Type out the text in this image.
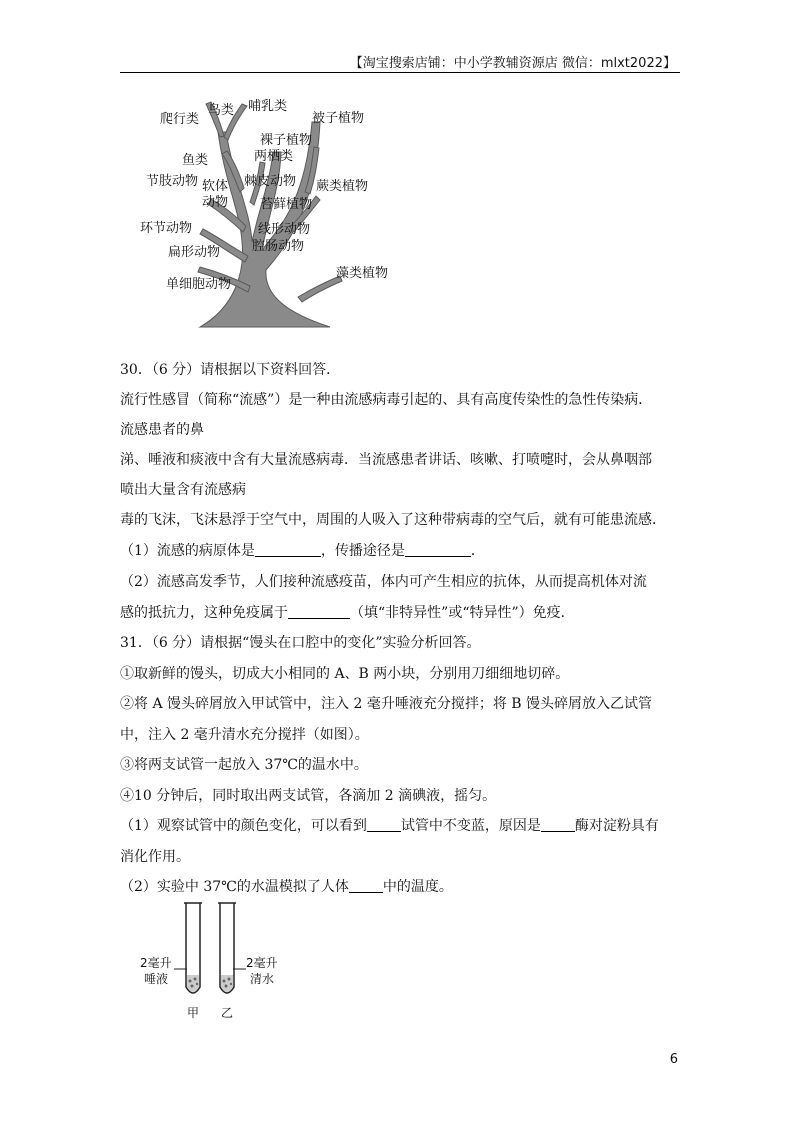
【淘宝搜索店铺：中小学教辅资源店 微信：mlxt2022】
爬行类
鸟类 哺乳类
被子植物
裸子植物
两栖类
鱼类
节肢动物 软体
动物
棘皮动物 蕨类植物
苔藓植物
环节动物	线形动物
扁形动物 腔肠动物
单细胞动物
藻类植物
30．（6 分）请根据以下资料回答．
流行性感冒（简称“流感”）是一种由流感病毒引起的、具有高度传染性的急性传染病．
流感患者的鼻
涕、唾液和痰液中含有大量流感病毒．当流感患者讲话、咳嗽、打喷嚏时，会从鼻咽部
喷出大量含有流感病
毒的飞沫，飞沫悬浮于空气中，周围的人吸入了这种带病毒的空气后，就有可能患流感．
（1）流感的病原体是	，传播途径是	．
（2）流感高发季节，人们接种流感疫苗，体内可产生相应的抗体，从而提高机体对流
感的抵抗力，这种免疫属于	（填“非特异性”或“特异性”）免疫．
31．（6 分）请根据“馒头在口腔中的变化”实验分析回答。
①取新鲜的馒头，切成大小相同的 A、B 两小块，分别用刀细细地切碎。
②将 A 馒头碎屑放入甲试管中，注入 2 毫升唾液充分搅拌；将 B 馒头碎屑放入乙试管
中，注入 2 毫升清水充分搅拌（如图）。
③将两支试管一起放入 37℃的温水中。
④10 分钟后，同时取出两支试管，各滴加 2 滴碘液，摇匀。
（1）观察试管中的颜色变化，可以看到 试管中不变蓝，原因是 酶对淀粉具有
消化作用。
（2）实验中 37℃的水温模拟了人体 中的温度。
2毫升
唾液
2毫升
清水
甲 乙
6
